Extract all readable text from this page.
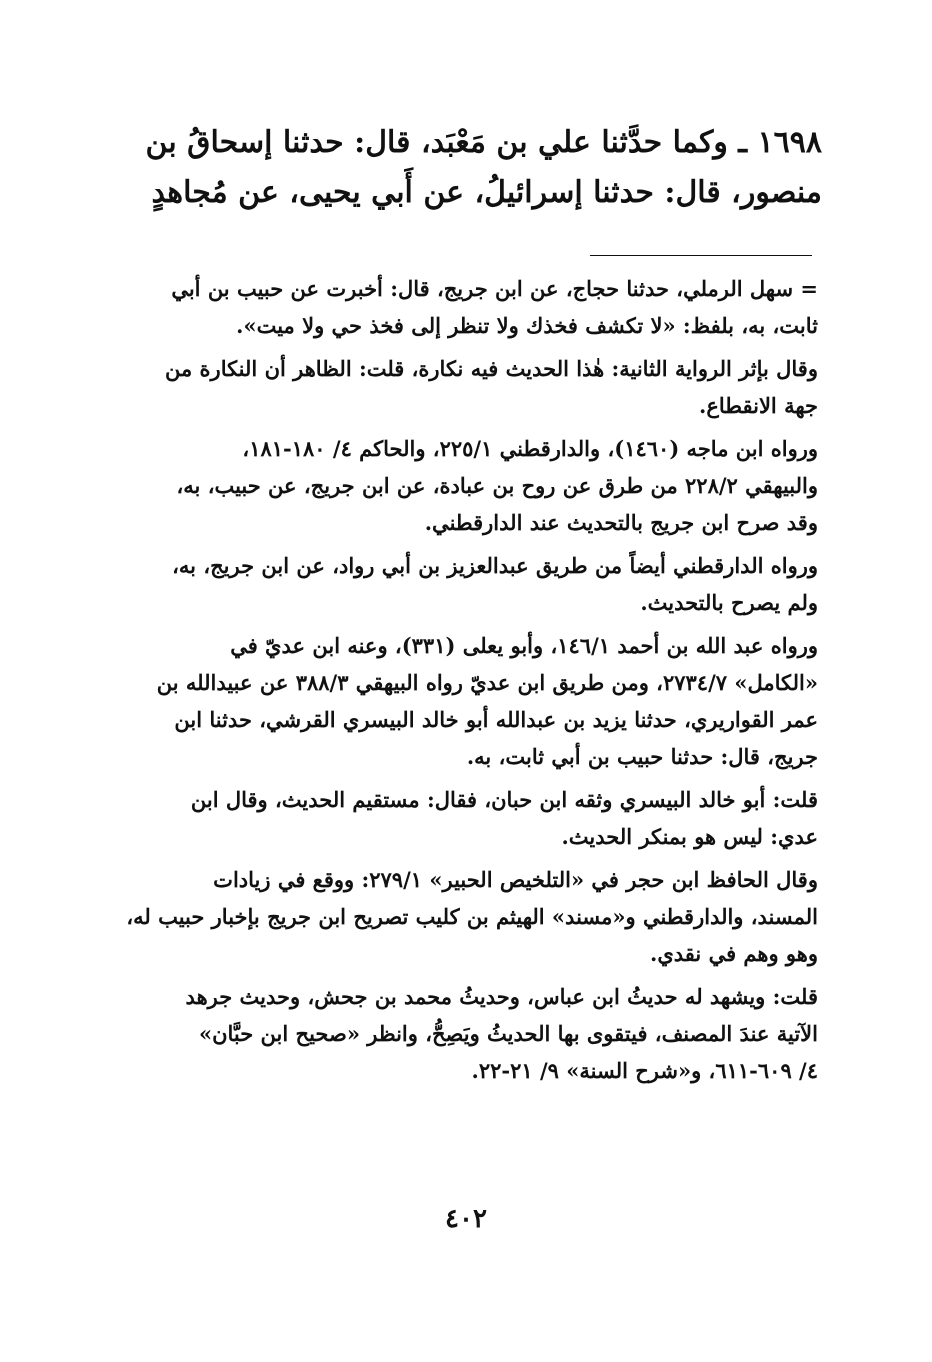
١٦٩٨ ـ وكما حدَّثنا علي بن مَعْبَد، قال: حدثنا إسحاقُ بن
منصور، قال: حدثنا إسرائيلُ، عن أَبي يحيى، عن مُجاهدٍ
= سهل الرملي، حدثنا حجاج، عن ابن جريج، قال: أخبرت عن حبيب بن أبي
ثابت، به، بلفظ: «لا تكشف فخذك ولا تنظر إلى فخذ حي ولا ميت».
وقال بإثر الرواية الثانية: هٰذا الحديث فيه نكارة، قلت: الظاهر أن النكارة من
جهة الانقطاع.
ورواه ابن ماجه (١٤٦٠)، والدارقطني ٢٢٥/١، والحاكم ٤/ ١٨٠-١٨١،
والبيهقي ٢٢٨/٢ من طرق عن روح بن عبادة، عن ابن جريج، عن حبيب، به،
وقد صرح ابن جريج بالتحديث عند الدارقطني.
ورواه الدارقطني أيضاً من طريق عبدالعزيز بن أبي رواد، عن ابن جريج، به،
ولم يصرح بالتحديث.
ورواه عبد الله بن أحمد ١٤٦/١، وأبو يعلى (٣٣١)، وعنه ابن عديّ في
«الكامل» ٢٧٣٤/٧، ومن طريق ابن عديّ رواه البيهقي ٣٨٨/٣ عن عبيدالله بن
عمر القواريري، حدثنا يزيد بن عبدالله أبو خالد البيسري القرشي، حدثنا ابن
جريج، قال: حدثنا حبيب بن أبي ثابت، به.
قلت: أبو خالد البيسري وثقه ابن حبان، فقال: مستقيم الحديث، وقال ابن
عدي: ليس هو بمنكر الحديث.
وقال الحافظ ابن حجر في «التلخيص الحبير» ٢٧٩/١: ووقع في زيادات
المسند، والدارقطني و«مسند» الهيثم بن كليب تصريح ابن جريج بإخبار حبيب له،
وهو وهم في نقدي.
قلت: ويشهد له حديثُ ابن عباس، وحديثُ محمد بن جحش، وحديث جرهد
الآتية عندَ المصنف، فيتقوى بها الحديثُ ويَصِحُّ، وانظر «صحيح ابن حبَّان»
٤/ ٦٠٩-٦١١، و«شرح السنة» ٩/ ٢١-٢٢.
٤٠٢
